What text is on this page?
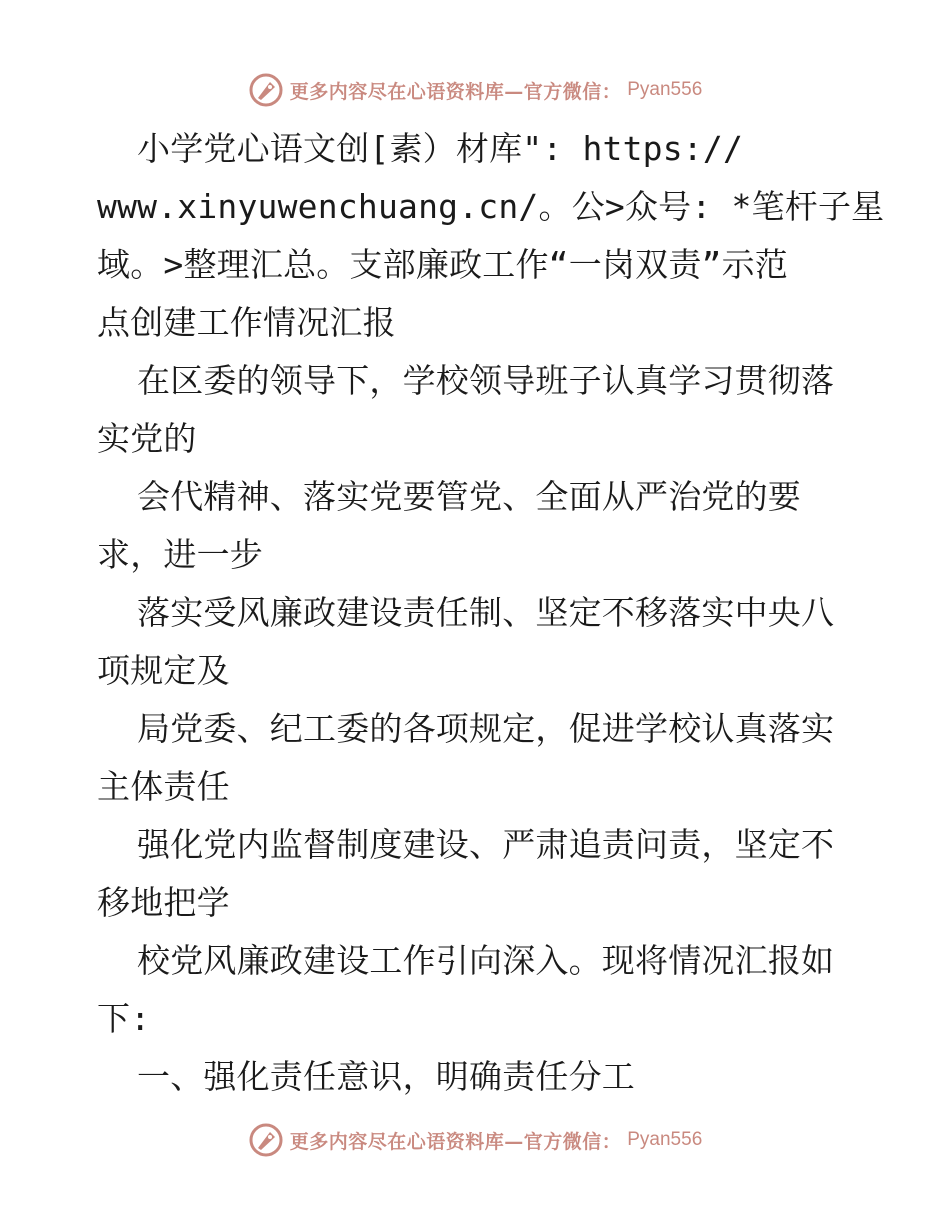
更多内容尽在心语资料库—官方微信： Pyan556
小学党心语文创[素）材库": https://
www.xinyuwenchuang.cn/。公>众号: *笔杆子星
域。>整理汇总。支部廉政工作“一岗双责”示范
点创建工作情况汇报
在区委的领导下，学校领导班子认真学习贯彻落
实党的
会代精神、落实党要管党、全面从严治党的要
求，进一步
落实受风廉政建设责任制、坚定不移落实中央八
项规定及
局党委、纪工委的各项规定，促进学校认真落实
主体责任
强化党内监督制度建设、严肃追责问责，坚定不
移地把学
校党风廉政建设工作引向深入。现将情况汇报如
下:
一、强化责任意识，明确责任分工
更多内容尽在心语资料库—官方微信： Pyan556
